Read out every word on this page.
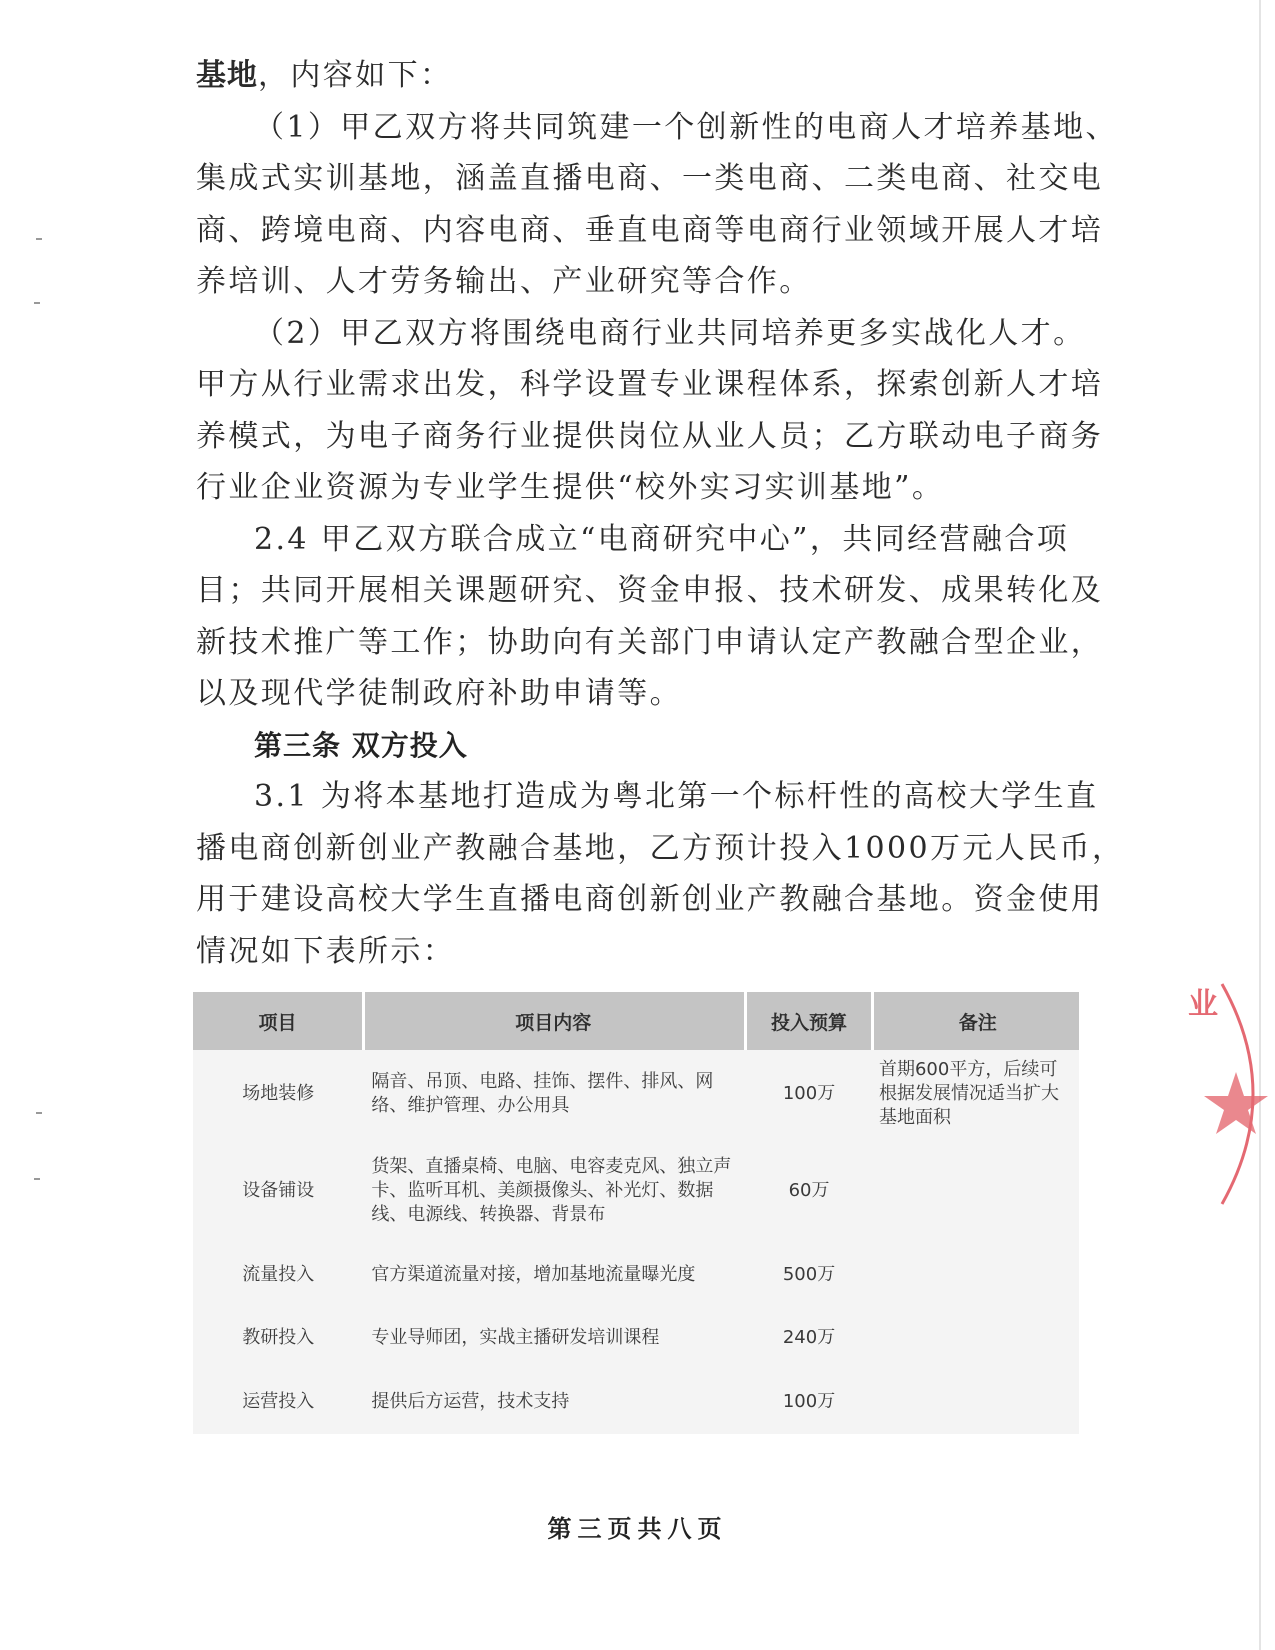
基地，内容如下：
（1）甲乙双方将共同筑建一个创新性的电商人才培养基地、
集成式实训基地，涵盖直播电商、一类电商、二类电商、社交电
商、跨境电商、内容电商、垂直电商等电商行业领域开展人才培
养培训、人才劳务输出、产业研究等合作。
（2）甲乙双方将围绕电商行业共同培养更多实战化人才。
甲方从行业需求出发，科学设置专业课程体系，探索创新人才培
养模式，为电子商务行业提供岗位从业人员；乙方联动电子商务
行业企业资源为专业学生提供“校外实习实训基地”。
2.4 甲乙双方联合成立“电商研究中心”，共同经营融合项
目；共同开展相关课题研究、资金申报、技术研发、成果转化及
新技术推广等工作；协助向有关部门申请认定产教融合型企业，
以及现代学徒制政府补助申请等。
第三条 双方投入
3.1 为将本基地打造成为粤北第一个标杆性的高校大学生直
播电商创新创业产教融合基地，乙方预计投入1000万元人民币，
用于建设高校大学生直播电商创新创业产教融合基地。资金使用
情况如下表所示：
项目	项目内容	投入预算	备注
场地装修	隔音、吊顶、电路、挂饰、摆件、排风、网络、维护管理、办公用具	100万	首期600平方，后续可根据发展情况适当扩大基地面积
设备铺设	货架、直播桌椅、电脑、电容麦克风、独立声卡、监听耳机、美颜摄像头、补光灯、数据线、电源线、转换器、背景布	60万	
流量投入	官方渠道流量对接，增加基地流量曝光度	500万	
教研投入	专业导师团，实战主播研发培训课程	240万	
运营投入	提供后方运营，技术支持	100万	
业
第三页共八页
